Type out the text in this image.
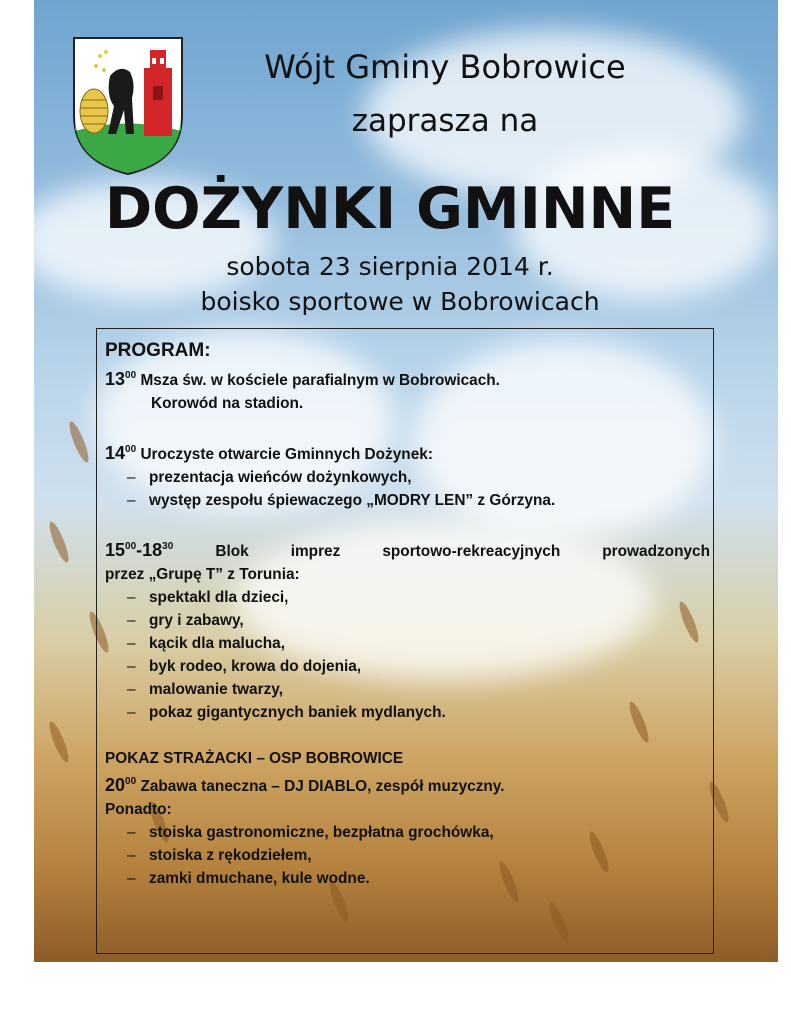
Wójt Gminy Bobrowice
zaprasza na
DOŻYNKI GMINNE
sobota 23 sierpnia 2014 r.
boisko sportowe w Bobrowicach
PROGRAM:
$13^{00}$ Msza św. w kościele parafialnym w Bobrowicach.
Korowód na stadion.
$14^{00}$ Uroczyste otwarcie Gminnych Dożynek:
– prezentacja wieńców dożynkowych,
– występ zespołu śpiewaczego „MODRY LEN” z Górzyna.
$15^{00}-18^{30}$	Blok imprez sportowo-rekreacyjnych prowadzonych
przez „Grupę T” z Torunia:
– spektakl dla dzieci,
– gry i zabawy,
– kącik dla malucha,
– byk rodeo, krowa do dojenia,
– malowanie twarzy,
– pokaz gigantycznych baniek mydlanych.
POKAZ STRAŻACKI – OSP BOBROWICE
$20^{00}$ Zabawa taneczna – DJ DIABLO, zespół muzyczny.
Ponadto:
– stoiska gastronomiczne, bezpłatna grochówka,
– stoiska z rękodziełem,
– zamki dmuchane, kule wodne.
